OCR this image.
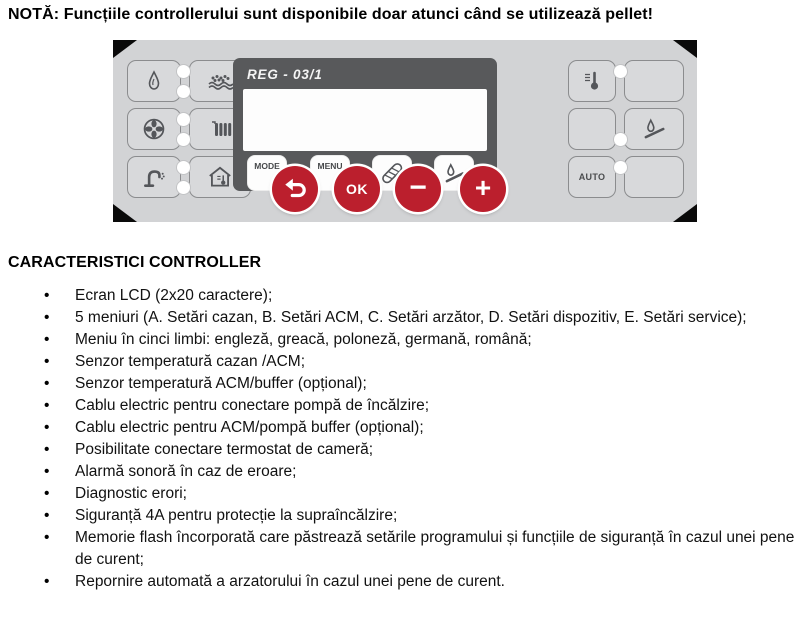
NOTĂ: Funcțiile controllerului sunt disponibile doar atunci când se utilizează pellet!
REG - 03/1
MODE	MENU
OK − +	AUTO
CARACTERISTICI CONTROLLER
• Ecran LCD (2x20 caractere);
• 5 meniuri (A. Setări cazan, B. Setări ACM, C. Setări arzător, D. Setări dispozitiv, E. Setări service);
• Meniu în cinci limbi: engleză, greacă, poloneză, germană, română;
• Senzor temperatură cazan /ACM;
• Senzor temperatură ACM/buffer (opțional);
• Cablu electric pentru conectare pompă de încălzire;
• Cablu electric pentru ACM/pompă buffer (opțional);
• Posibilitate conectare termostat de cameră;
• Alarmă sonoră în caz de eroare;
• Diagnostic erori;
• Siguranță 4A pentru protecție la supraîncălzire;
• Memorie flash încorporată care păstrează setările programului și funcțiile de siguranță în cazul unei pene de curent;
• Repornire automată a arzatorului în cazul unei pene de curent.
